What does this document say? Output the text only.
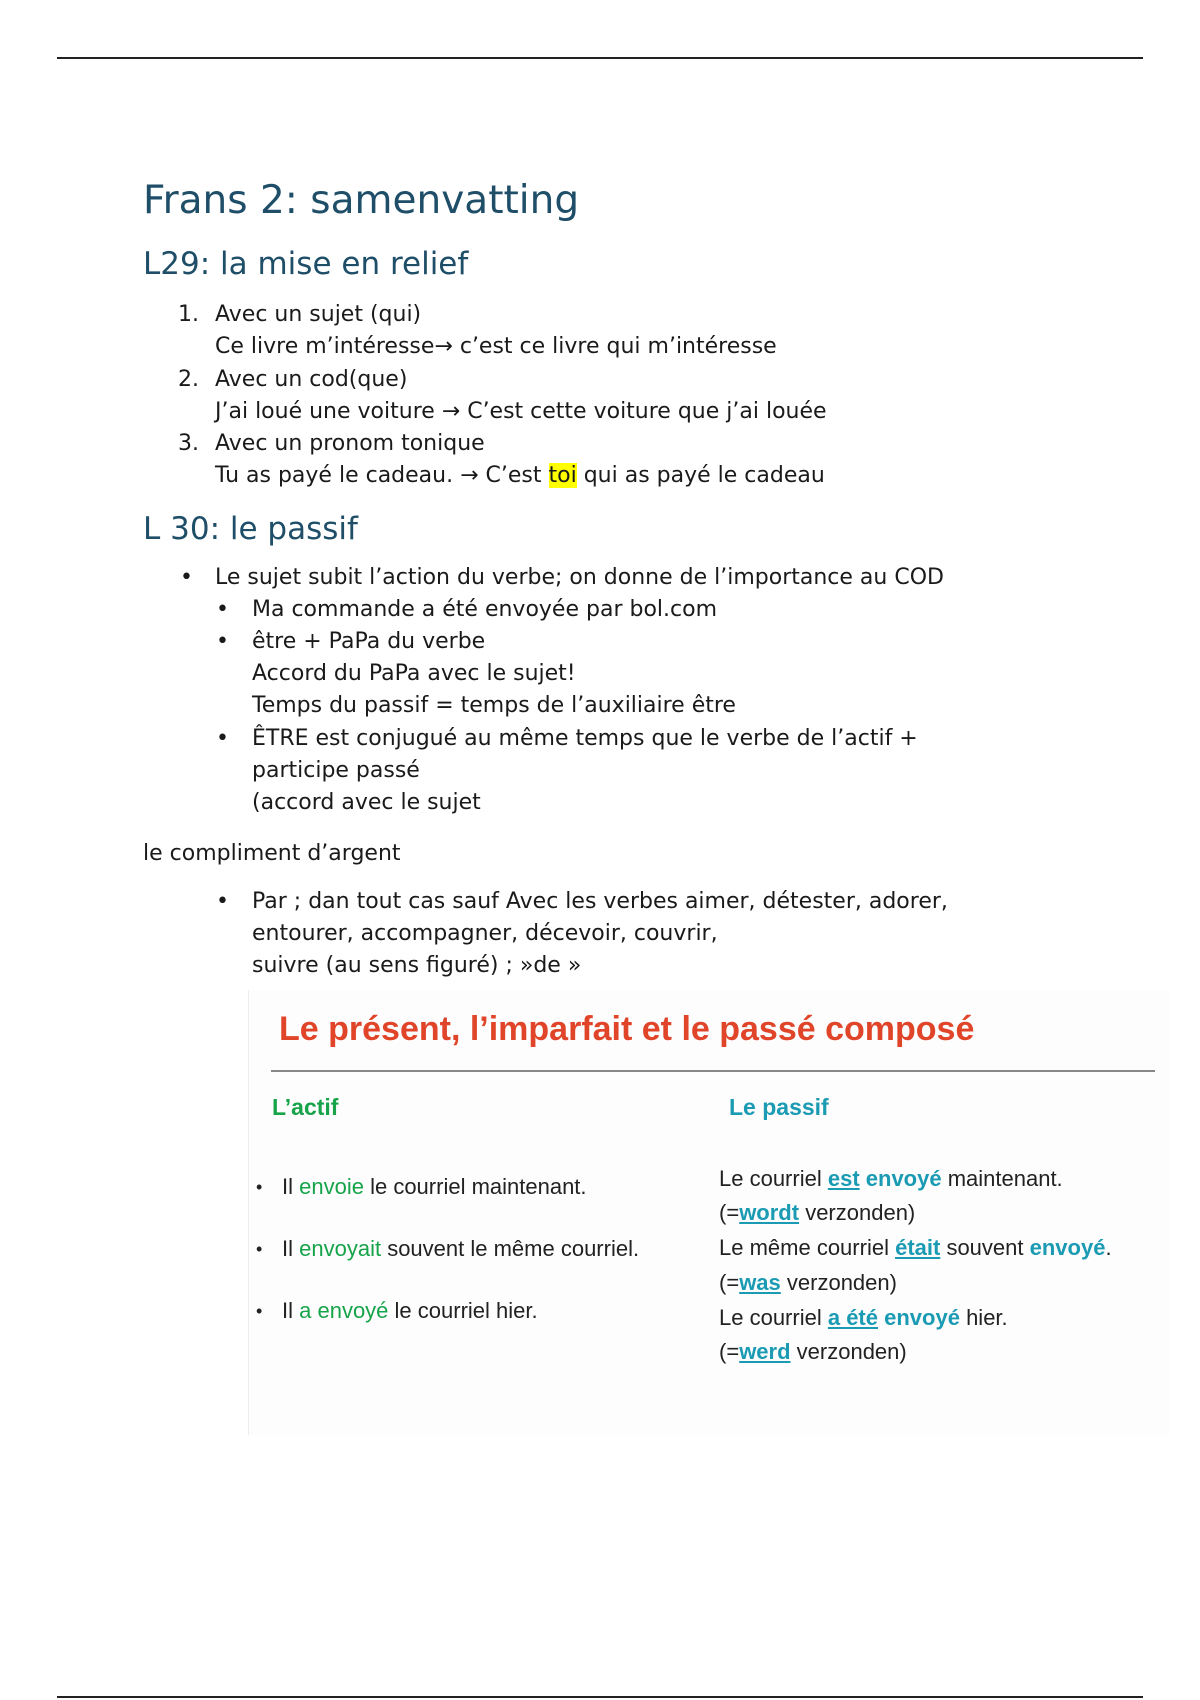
Frans 2: samenvatting
L29: la mise en relief
1. Avec un sujet (qui)

Ce livre m’intéresse→ c’est ce livre qui m’intéresse

2. Avec un cod(que)

J’ai loué une voiture → C’est cette voiture que j’ai louée

3. Avec un pronom tonique

Tu as payé le cadeau. → C’est toi qui as payé le cadeau

L 30: le passif
• Le sujet subit l’action du verbe; on donne de l’importance au COD

• Ma commande a été envoyée par bol.com

• être + PaPa du verbe

Accord du PaPa avec le sujet!

Temps du passif = temps de l’auxiliaire être

• ÊTRE est conjugué au même temps que le verbe de l’actif +

participe passé

(accord avec le sujet

le compliment d’argent

• Par ; dan tout cas sauf Avec les verbes aimer, détester, adorer,

entourer, accompagner, décevoir, couvrir,

suivre (au sens figuré) ; »de »

Le présent, l’imparfait et le passé composé
L’actif	Le passif
• Il envoie le courriel maintenant.
• Il envoyait souvent le même courriel.
• Il a envoyé le courriel hier.
Le courriel est envoyé maintenant.
(=wordt verzonden)
Le même courriel était souvent envoyé.
(=was verzonden)
Le courriel a été envoyé hier.
(=werd verzonden)
